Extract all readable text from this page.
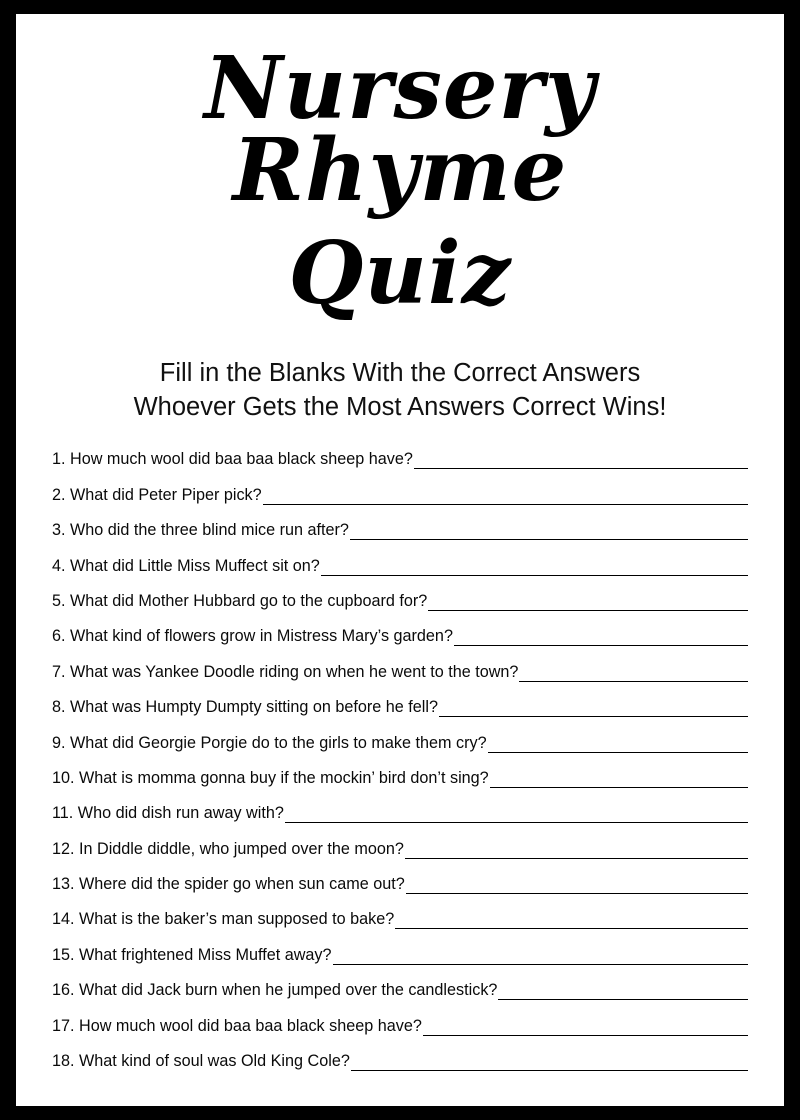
Nursery Rhyme
Quiz
Fill in the Blanks With the Correct Answers
Whoever Gets the Most Answers Correct Wins!
1. How much wool did baa baa black sheep have?
2. What did Peter Piper pick?
3. Who did the three blind mice run after?
4. What did Little Miss Muffect sit on?
5. What did Mother Hubbard go to the cupboard for?
6. What kind of flowers grow in Mistress Mary’s garden?
7. What was Yankee Doodle riding on when he went to the town?
8. What was Humpty Dumpty sitting on before he fell?
9. What did Georgie Porgie do to the girls to make them cry?
10. What is momma gonna buy if the mockin’ bird don’t sing?
11. Who did dish run away with?
12. In Diddle diddle, who jumped over the moon?
13. Where did the spider go when sun came out?
14. What is the baker’s man supposed to bake?
15. What frightened Miss Muffet away?
16. What did Jack burn when he jumped over the candlestick?
17. How much wool did baa baa black sheep have?
18. What kind of soul was Old King Cole?
